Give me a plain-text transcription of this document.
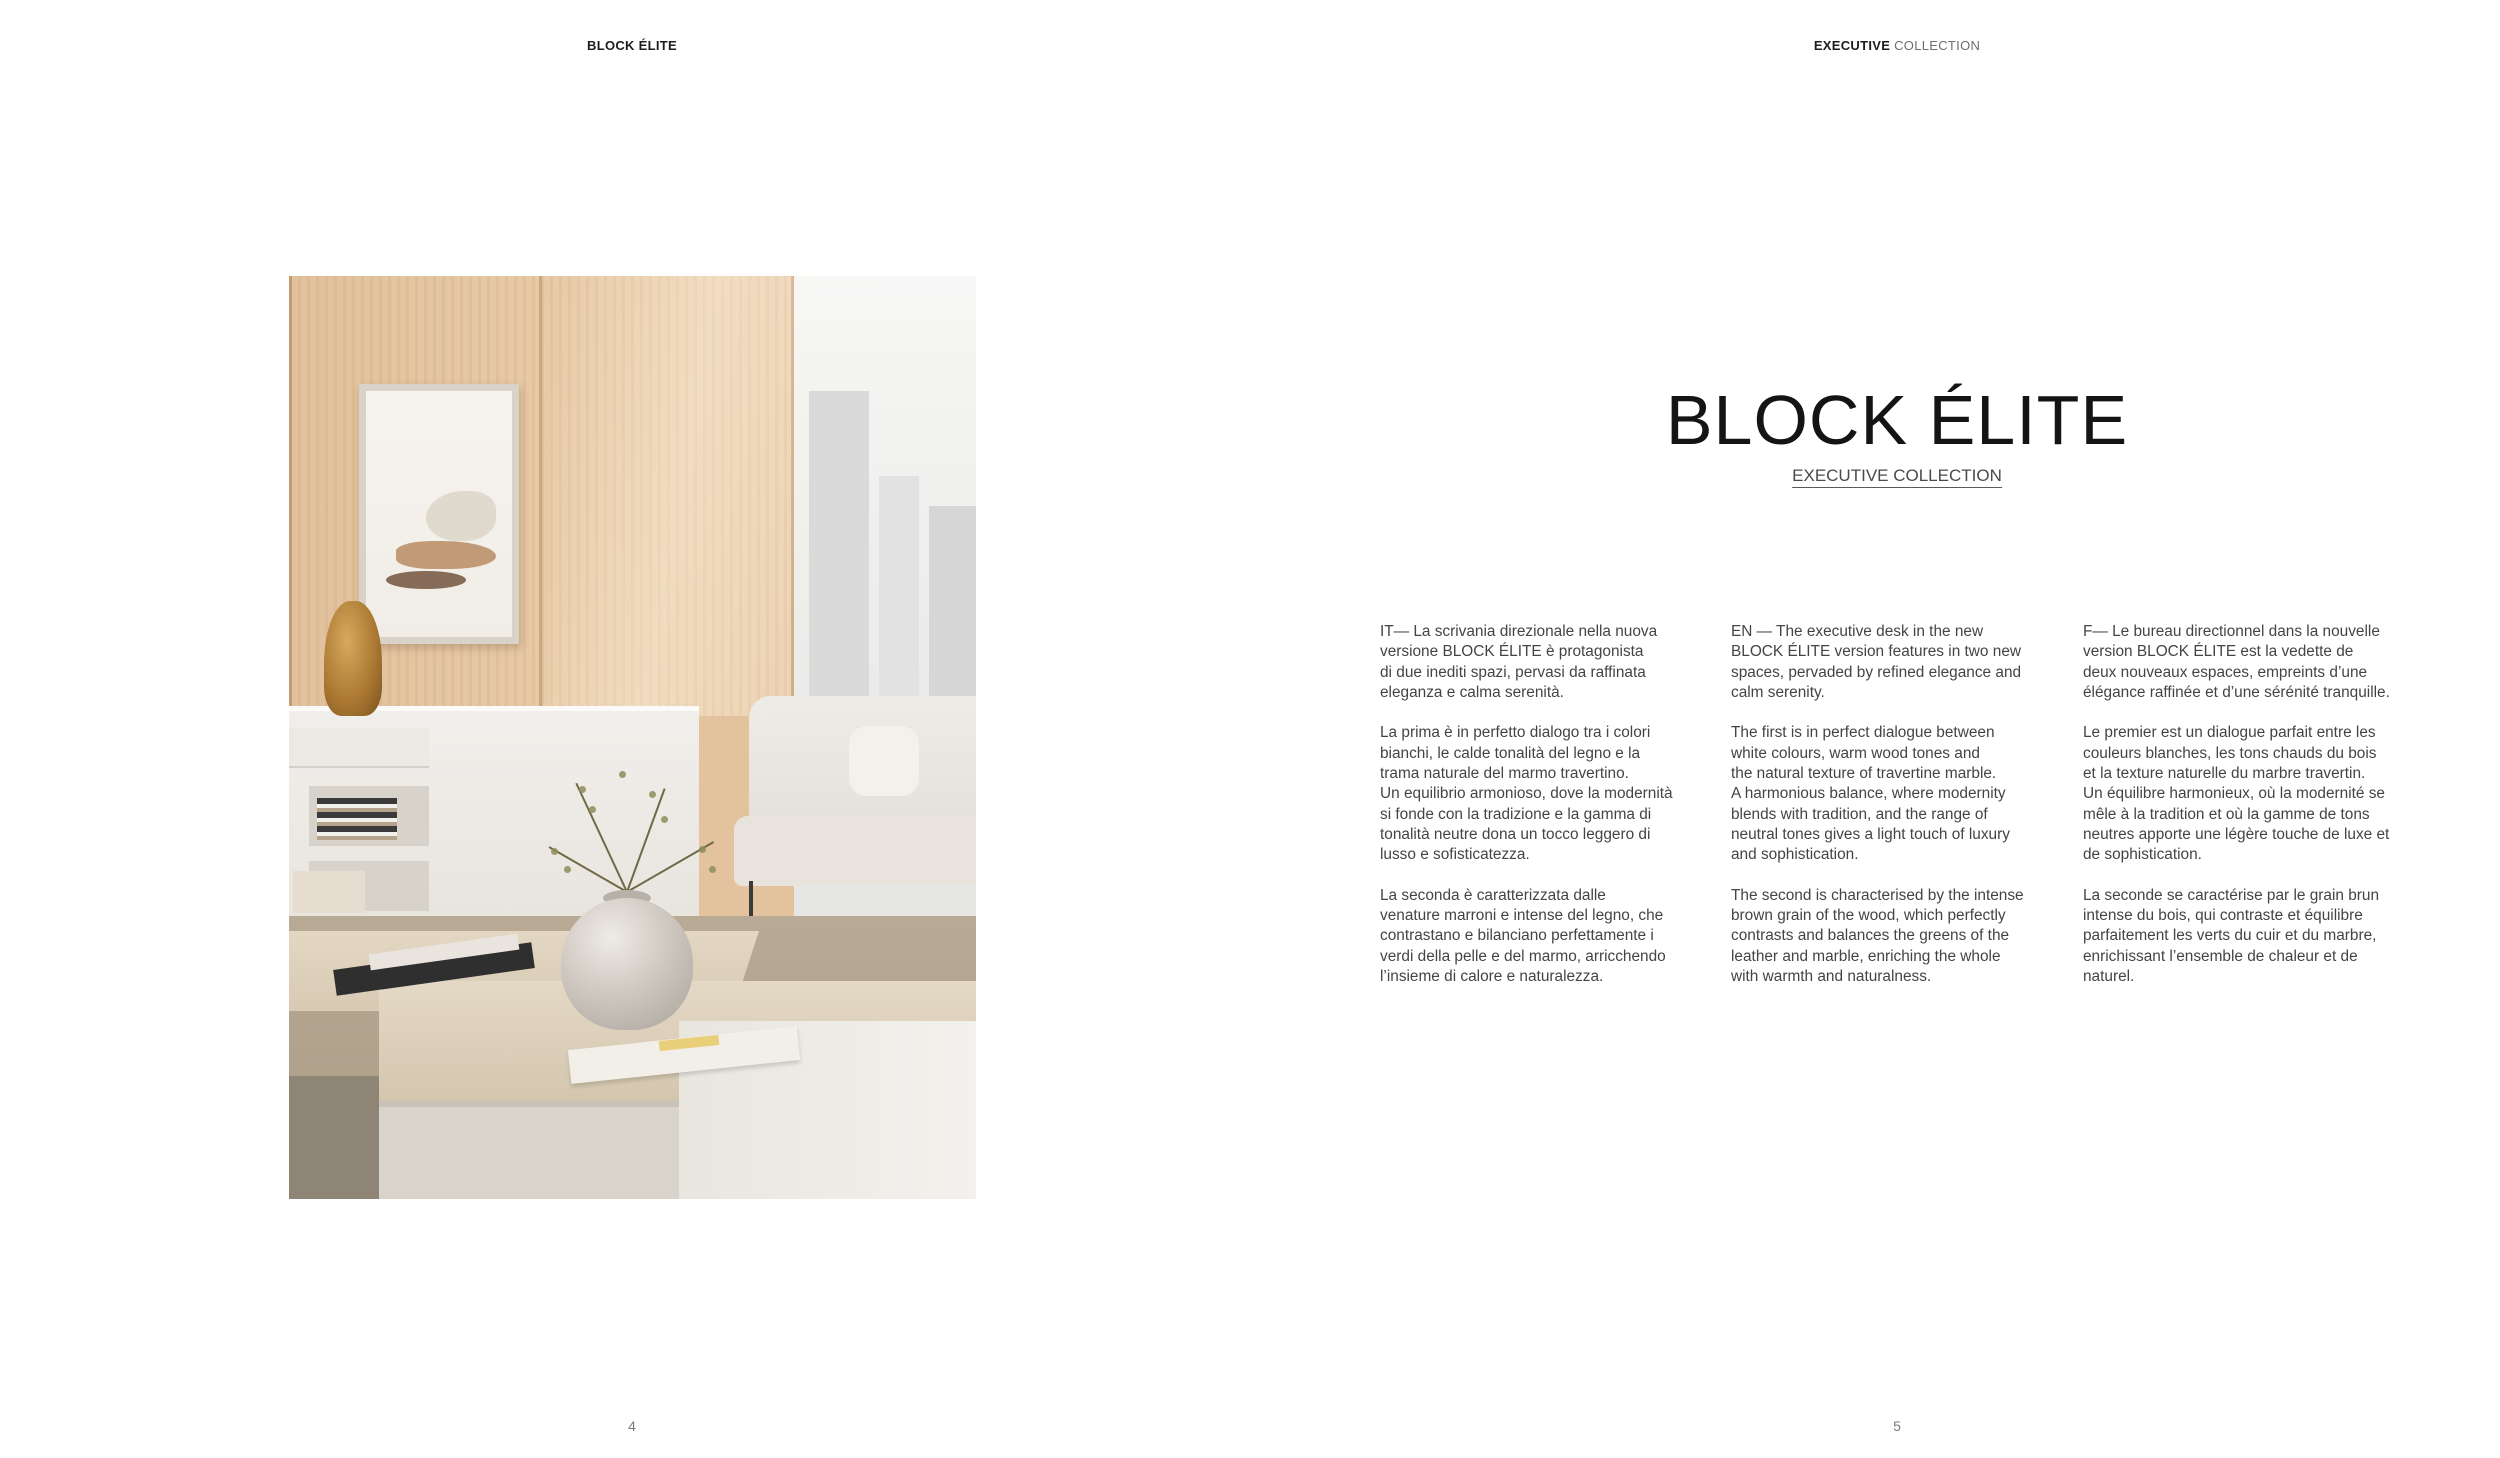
BLOCK ÉLITE
4
EXECUTIVE COLLECTION
BLOCK ÉLITE
EXECUTIVE COLLECTION

IT— La scrivania direzionale nella nuova
versione BLOCK ÉLITE è protagonista
di due inediti spazi, pervasi da raffinata
eleganza e calma serenità.

La prima è in perfetto dialogo tra i colori
bianchi, le calde tonalità del legno e la
trama naturale del marmo travertino.
Un equilibrio armonioso, dove la modernità
si fonde con la tradizione e la gamma di
tonalità neutre dona un tocco leggero di
lusso e sofisticatezza.

La seconda è caratterizzata dalle
venature marroni e intense del legno, che
contrastano e bilanciano perfettamente i
verdi della pelle e del marmo, arricchendo
l’insieme di calore e naturalezza.

EN — The executive desk in the new
BLOCK ÉLITE version features in two new
spaces, pervaded by refined elegance and
calm serenity.

The first is in perfect dialogue between
white colours, warm wood tones and
the natural texture of travertine marble.
A harmonious balance, where modernity
blends with tradition, and the range of
neutral tones gives a light touch of luxury
and sophistication.

The second is characterised by the intense
brown grain of the wood, which perfectly
contrasts and balances the greens of the
leather and marble, enriching the whole
with warmth and naturalness.

F— Le bureau directionnel dans la nouvelle
version BLOCK ÉLITE est la vedette de
deux nouveaux espaces, empreints d’une
élégance raffinée et d’une sérénité tranquille.

Le premier est un dialogue parfait entre les
couleurs blanches, les tons chauds du bois
et la texture naturelle du marbre travertin.
Un équilibre harmonieux, où la modernité se
mêle à la tradition et où la gamme de tons
neutres apporte une légère touche de luxe et
de sophistication.

La seconde se caractérise par le grain brun
intense du bois, qui contraste et équilibre
parfaitement les verts du cuir et du marbre,
enrichissant l’ensemble de chaleur et de
naturel.

5
